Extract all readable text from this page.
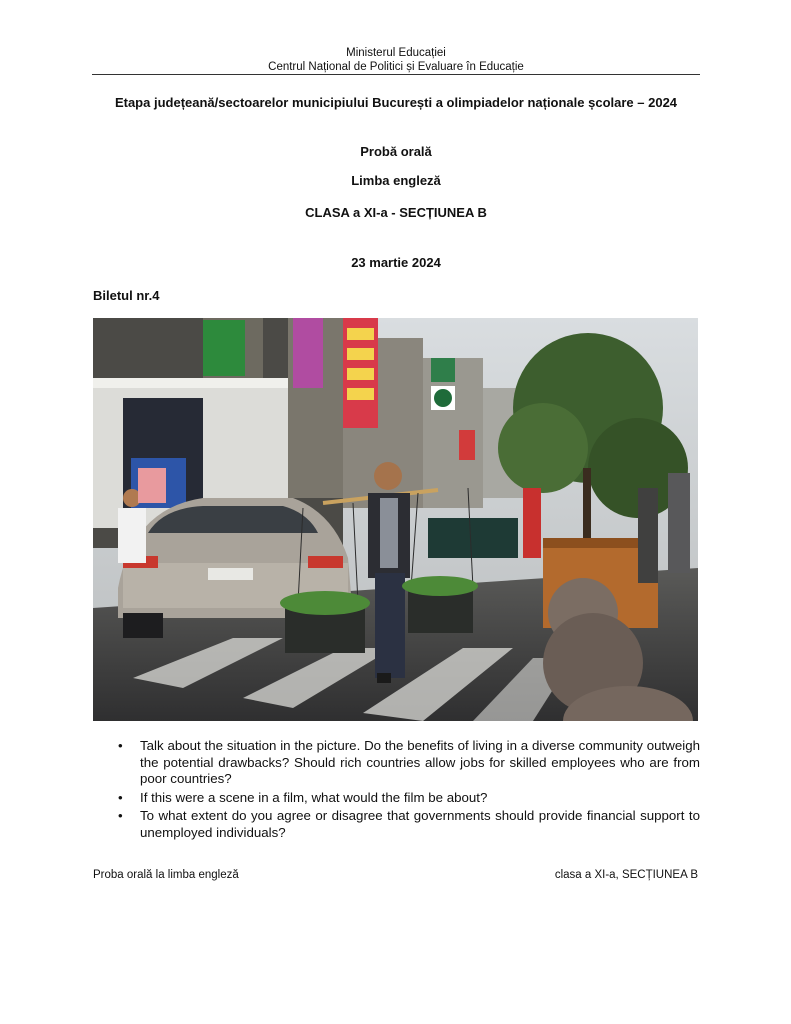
Ministerul Educației
Centrul Național de Politici și Evaluare în Educație
Etapa județeană/sectoarelor municipiului București a olimpiadelor naționale școlare – 2024
Probă orală
Limba engleză
CLASA a XI-a - SECȚIUNEA B
23 martie 2024
Biletul nr.4
• Talk about the situation in the picture. Do the benefits of living in a diverse community outweigh the potential drawbacks? Should rich countries allow jobs for skilled employees who are from poor countries?
• If this were a scene in a film, what would the film be about?
• To what extent do you agree or disagree that governments should provide financial support to unemployed individuals?
Proba orală la limba engleză	clasa a XI-a, SECȚIUNEA B
